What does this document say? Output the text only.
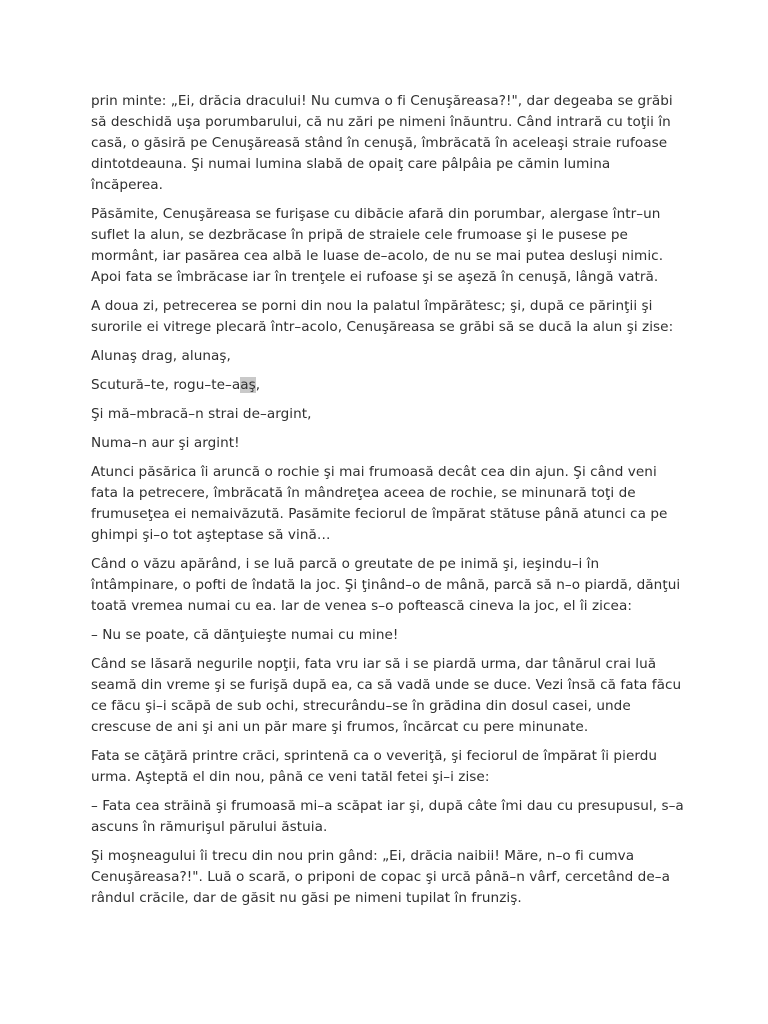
prin minte: „Ei, drăcia dracului! Nu cumva o fi Cenuşăreasa?!", dar degeaba se grăbi să deschidă uşa porumbarului, că nu zări pe nimeni înăuntru. Când intrară cu toţii în casă, o găsiră pe Cenuşăreasă stând în cenuşă, îmbrăcată în aceleaşi straie rufoase dintotdeauna. Şi numai lumina slabă de opaiţ care pâlpâia pe cămin lumina încăperea.

Păsămite, Cenuşăreasa se furişase cu dibăcie afară din porumbar, alergase într–un suflet la alun, se dezbrăcase în pripă de straiele cele frumoase şi le pusese pe mormânt, iar pasărea cea albă le luase de–acolo, de nu se mai putea desluşi nimic. Apoi fata se îmbrăcase iar în trenţele ei rufoase şi se aşeză în cenuşă, lângă vatră.

A doua zi, petrecerea se porni din nou la palatul împărătesc; şi, după ce părinţii şi surorile ei vitrege plecară într–acolo, Cenuşăreasa se grăbi să se ducă la alun şi zise:

Alunaş drag, alunaş,

Scutură–te, rogu–te–aaş,

Şi mă–mbracă–n strai de–argint,

Numa–n aur şi argint!

Atunci păsărica îi aruncă o rochie şi mai frumoasă decât cea din ajun. Şi când veni fata la petrecere, îmbrăcată în mândreţea aceea de rochie, se minunară toţi de frumuseţea ei nemaivăzută. Pasămite feciorul de împărat stătuse până atunci ca pe ghimpi şi–o tot aşteptase să vină…

Când o văzu apărând, i se luă parcă o greutate de pe inimă şi, ieşindu–i în întâmpinare, o pofti de îndată la joc. Şi ţinând–o de mână, parcă să n–o piardă, dănţui toată vremea numai cu ea. Iar de venea s–o poftească cineva la joc, el îi zicea:

– Nu se poate, că dănţuieşte numai cu mine!

Când se lăsară negurile nopţii, fata vru iar să i se piardă urma, dar tânărul crai luă seamă din vreme şi se furişă după ea, ca să vadă unde se duce. Vezi însă că fata făcu ce făcu şi–i scăpă de sub ochi, strecurându–se în grădina din dosul casei, unde crescuse de ani şi ani un păr mare şi frumos, încărcat cu pere minunate.

Fata se căţără printre crăci, sprintenă ca o veveriţă, şi feciorul de împărat îi pierdu urma. Aşteptă el din nou, până ce veni tatăl fetei şi–i zise:

– Fata cea străină şi frumoasă mi–a scăpat iar şi, după câte îmi dau cu presupusul, s–a ascuns în rămurişul părului ăstuia.

Şi moşneagului îi trecu din nou prin gând: „Ei, drăcia naibii! Măre, n–o fi cumva Cenuşăreasa?!". Luă o scară, o priponi de copac şi urcă până–n vârf, cercetând de–a rândul crăcile, dar de găsit nu găsi pe nimeni tupilat în frunziş.
